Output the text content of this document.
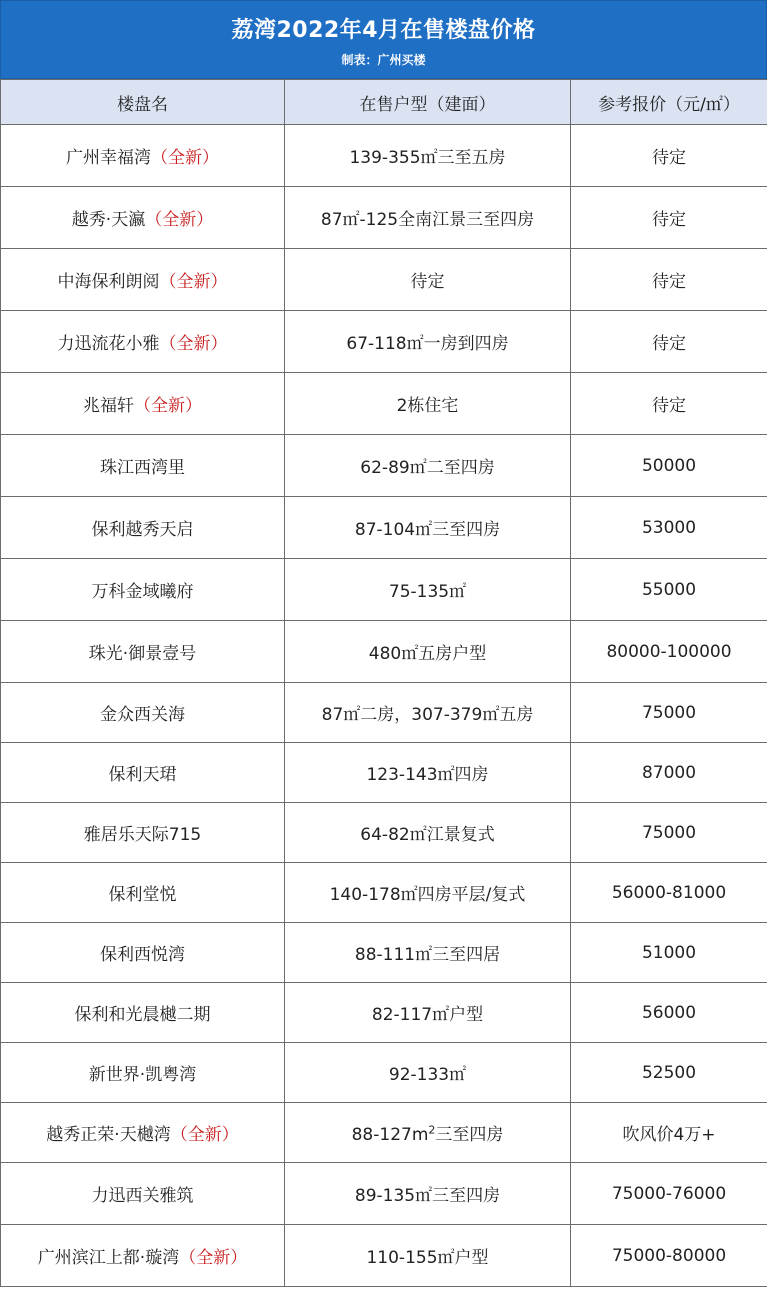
荔湾2022年4月在售楼盘价格
制表：广州买楼
楼盘名	在售户型（建面）	参考报价（元/㎡）
广州幸福湾（全新）	139-355㎡三至五房	待定
越秀·天瀛（全新）	87㎡-125全南江景三至四房	待定
中海保利朗阅（全新）	待定	待定
力迅流花小雅（全新）	67-118㎡一房到四房	待定
兆福轩（全新）	2栋住宅	待定
珠江西湾里	62-89㎡二至四房	50000
保利越秀天启	87-104㎡三至四房	53000
万科金域曦府	75-135㎡	55000
珠光·御景壹号	480㎡五房户型	80000-100000
金众西关海	87㎡二房，307-379㎡五房	75000
保利天珺	123-143㎡四房	87000
雅居乐天际715	64-82㎡江景复式	75000
保利堂悦	140-178㎡四房平层/复式	56000-81000
保利西悦湾	88-111㎡三至四居	51000
保利和光晨樾二期	82-117㎡户型	56000
新世界·凯粤湾	92-133㎡	52500
越秀正荣·天樾湾（全新）	$88-127m^2$三至四房	吹风价4万+
力迅西关雅筑	89-135㎡三至四房	75000-76000
广州滨江上都·璇湾（全新）	110-155㎡户型	75000-80000
